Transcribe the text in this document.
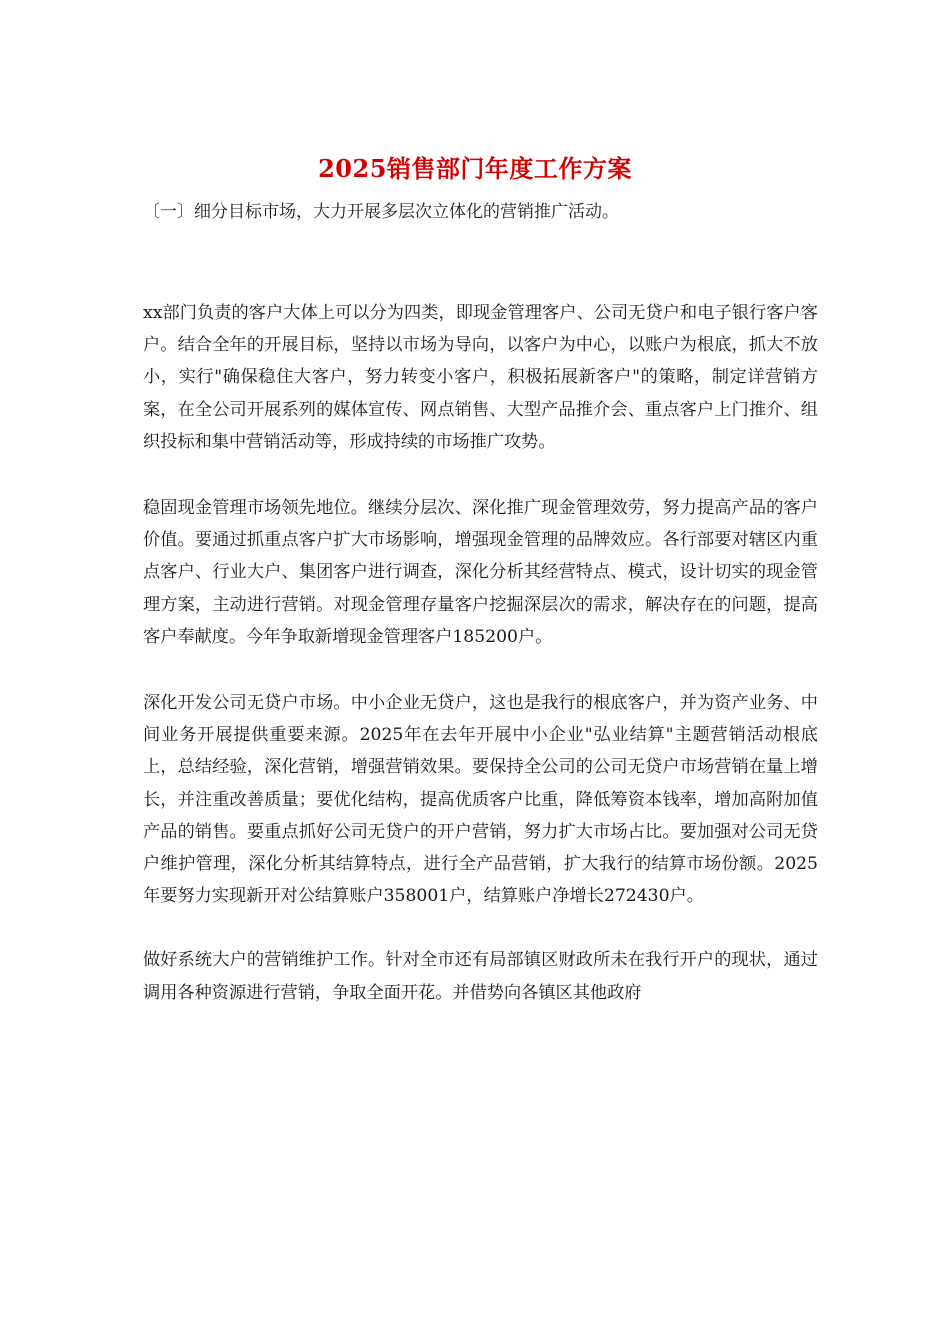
2025销售部门年度工作方案
〔一〕细分目标市场，大力开展多层次立体化的营销推广活动。

xx部门负责的客户大体上可以分为四类，即现金管理客户、公司无贷户和电子银行客户客户。结合全年的开展目标，坚持以市场为导向，以客户为中心，以账户为根底，抓大不放小，实行"确保稳住大客户，努力转变小客户，积极拓展新客户"的策略，制定详营销方案，在全公司开展系列的媒体宣传、网点销售、大型产品推介会、重点客户上门推介、组织投标和集中营销活动等，形成持续的市场推广攻势。

稳固现金管理市场领先地位。继续分层次、深化推广现金管理效劳，努力提高产品的客户价值。要通过抓重点客户扩大市场影响，增强现金管理的品牌效应。各行部要对辖区内重点客户、行业大户、集团客户进行调查，深化分析其经营特点、模式，设计切实的现金管理方案，主动进行营销。对现金管理存量客户挖掘深层次的需求，解决存在的问题，提高客户奉献度。今年争取新增现金管理客户185200户。

深化开发公司无贷户市场。中小企业无贷户，这也是我行的根底客户，并为资产业务、中间业务开展提供重要来源。2025年在去年开展中小企业"弘业结算"主题营销活动根底上，总结经验，深化营销，增强营销效果。要保持全公司的公司无贷户市场营销在量上增长，并注重改善质量；要优化结构，提高优质客户比重，降低筹资本钱率，增加高附加值产品的销售。要重点抓好公司无贷户的开户营销，努力扩大市场占比。要加强对公司无贷户维护管理，深化分析其结算特点，进行全产品营销，扩大我行的结算市场份额。2025年要努力实现新开对公结算账户358001户，结算账户净增长272430户。

做好系统大户的营销维护工作。针对全市还有局部镇区财政所未在我行开户的现状，通过调用各种资源进行营销，争取全面开花。并借势向各镇区其他政府
